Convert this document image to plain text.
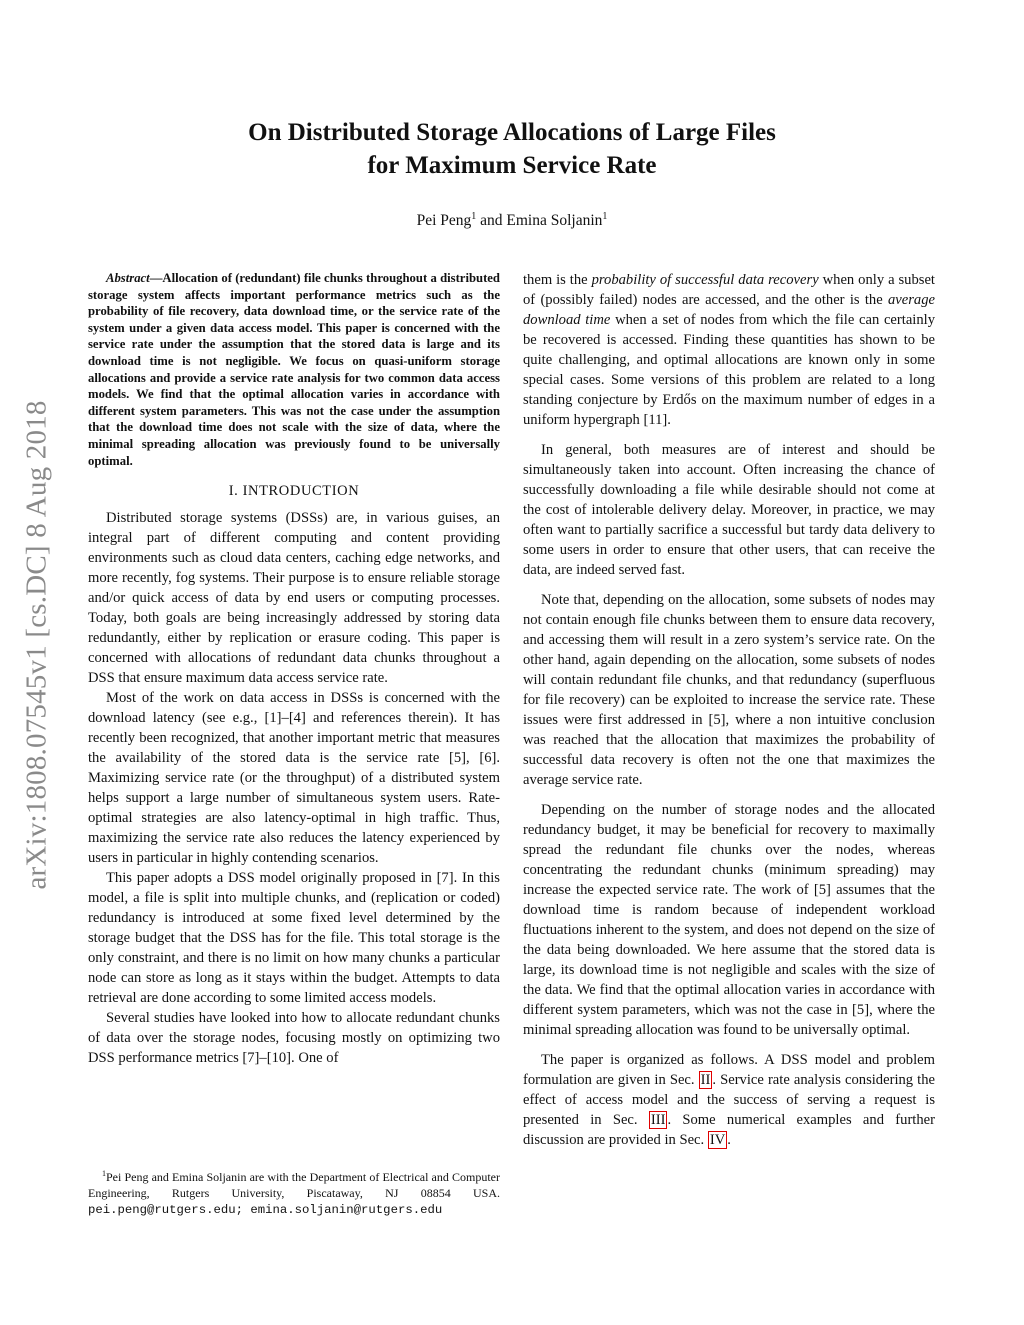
On Distributed Storage Allocations of Large Files
for Maximum Service Rate
Pei Peng$^1$ and Emina Soljanin$^1$
arXiv:1808.07545v1 [cs.DC] 8 Aug 2018

Abstract—Allocation of (redundant) file chunks throughout a distributed storage system affects important performance metrics such as the probability of file recovery, data download time, or the service rate of the system under a given data access model. This paper is concerned with the service rate under the assumption that the stored data is large and its download time is not negligible. We focus on quasi-uniform storage allocations and provide a service rate analysis for two common data access models. We find that the optimal allocation varies in accordance with different system parameters. This was not the case under the assumption that the download time does not scale with the size of data, where the minimal spreading allocation was previously found to be universally optimal.

I. INTRODUCTION

Distributed storage systems (DSSs) are, in various guises, an integral part of different computing and content providing environments such as cloud data centers, caching edge networks, and more recently, fog systems. Their purpose is to ensure reliable storage and/or quick access of data by end users or computing processes. Today, both goals are being increasingly addressed by storing data redundantly, either by replication or erasure coding. This paper is concerned with allocations of redundant data chunks throughout a DSS that ensure maximum data access service rate.

Most of the work on data access in DSSs is concerned with the download latency (see e.g., [1]–[4] and references therein). It has recently been recognized, that another important metric that measures the availability of the stored data is the service rate [5], [6]. Maximizing service rate (or the throughput) of a distributed system helps support a large number of simultaneous system users. Rate-optimal strategies are also latency-optimal in high traffic. Thus, maximizing the service rate also reduces the latency experienced by users in particular in highly contending scenarios.

This paper adopts a DSS model originally proposed in [7]. In this model, a file is split into multiple chunks, and (replication or coded) redundancy is introduced at some fixed level determined by the storage budget that the DSS has for the file. This total storage is the only constraint, and there is no limit on how many chunks a particular node can store as long as it stays within the budget. Attempts to data retrieval are done according to some limited access models.

Several studies have looked into how to allocate redundant chunks of data over the storage nodes, focusing mostly on optimizing two DSS performance metrics [7]–[10]. One of

$^1$Pei Peng and Emina Soljanin are with the Department of Electrical and Computer Engineering, Rutgers University, Piscataway, NJ 08854 USA. pei.peng@rutgers.edu; emina.soljanin@rutgers.edu

them is the probability of successful data recovery when only a subset of (possibly failed) nodes are accessed, and the other is the average download time when a set of nodes from which the file can certainly be recovered is accessed. Finding these quantities has shown to be quite challenging, and optimal allocations are known only in some special cases. Some versions of this problem are related to a long standing conjecture by Erdős on the maximum number of edges in a uniform hypergraph [11].

In general, both measures are of interest and should be simultaneously taken into account. Often increasing the chance of successfully downloading a file while desirable should not come at the cost of intolerable delivery delay. Moreover, in practice, we may often want to partially sacrifice a successful but tardy data delivery to some users in order to ensure that other users, that can receive the data, are indeed served fast.

Note that, depending on the allocation, some subsets of nodes may not contain enough file chunks between them to ensure data recovery, and accessing them will result in a zero system’s service rate. On the other hand, again depending on the allocation, some subsets of nodes will contain redundant file chunks, and that redundancy (superfluous for file recovery) can be exploited to increase the service rate. These issues were first addressed in [5], where a non intuitive conclusion was reached that the allocation that maximizes the probability of successful data recovery is often not the one that maximizes the average service rate.

Depending on the number of storage nodes and the allocated redundancy budget, it may be beneficial for recovery to maximally spread the redundant file chunks over the nodes, whereas concentrating the redundant chunks (minimum spreading) may increase the expected service rate. The work of [5] assumes that the download time is random because of independent workload fluctuations inherent to the system, and does not depend on the size of the data being downloaded. We here assume that the stored data is large, its download time is not negligible and scales with the size of the data. We find that the optimal allocation varies in accordance with different system parameters, which was not the case in [5], where the minimal spreading allocation was found to be universally optimal.

The paper is organized as follows. A DSS model and problem formulation are given in Sec. II . Service rate analysis considering the effect of access model and the success of serving a request is presented in Sec. III . Some numerical examples and further discussion are provided in Sec. IV .
